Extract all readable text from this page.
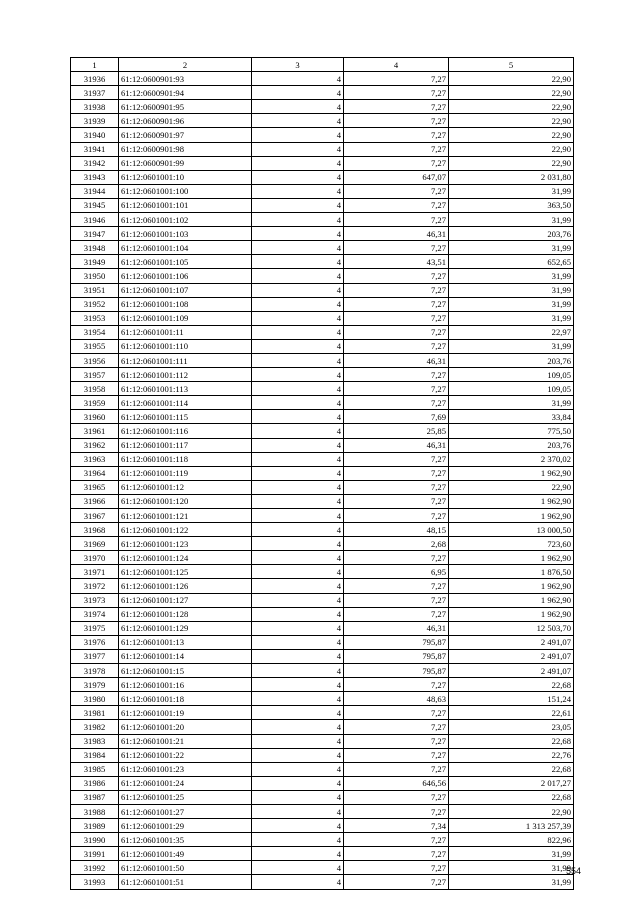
1	2	3	4	5
31936	61:12:0600901:93	4	7,27	22,90
31937	61:12:0600901:94	4	7,27	22,90
31938	61:12:0600901:95	4	7,27	22,90
31939	61:12:0600901:96	4	7,27	22,90
31940	61:12:0600901:97	4	7,27	22,90
31941	61:12:0600901:98	4	7,27	22,90
31942	61:12:0600901:99	4	7,27	22,90
31943	61:12:0601001:10	4	647,07	2 031,80
31944	61:12:0601001:100	4	7,27	31,99
31945	61:12:0601001:101	4	7,27	363,50
31946	61:12:0601001:102	4	7,27	31,99
31947	61:12:0601001:103	4	46,31	203,76
31948	61:12:0601001:104	4	7,27	31,99
31949	61:12:0601001:105	4	43,51	652,65
31950	61:12:0601001:106	4	7,27	31,99
31951	61:12:0601001:107	4	7,27	31,99
31952	61:12:0601001:108	4	7,27	31,99
31953	61:12:0601001:109	4	7,27	31,99
31954	61:12:0601001:11	4	7,27	22,97
31955	61:12:0601001:110	4	7,27	31,99
31956	61:12:0601001:111	4	46,31	203,76
31957	61:12:0601001:112	4	7,27	109,05
31958	61:12:0601001:113	4	7,27	109,05
31959	61:12:0601001:114	4	7,27	31,99
31960	61:12:0601001:115	4	7,69	33,84
31961	61:12:0601001:116	4	25,85	775,50
31962	61:12:0601001:117	4	46,31	203,76
31963	61:12:0601001:118	4	7,27	2 370,02
31964	61:12:0601001:119	4	7,27	1 962,90
31965	61:12:0601001:12	4	7,27	22,90
31966	61:12:0601001:120	4	7,27	1 962,90
31967	61:12:0601001:121	4	7,27	1 962,90
31968	61:12:0601001:122	4	48,15	13 000,50
31969	61:12:0601001:123	4	2,68	723,60
31970	61:12:0601001:124	4	7,27	1 962,90
31971	61:12:0601001:125	4	6,95	1 876,50
31972	61:12:0601001:126	4	7,27	1 962,90
31973	61:12:0601001:127	4	7,27	1 962,90
31974	61:12:0601001:128	4	7,27	1 962,90
31975	61:12:0601001:129	4	46,31	12 503,70
31976	61:12:0601001:13	4	795,87	2 491,07
31977	61:12:0601001:14	4	795,87	2 491,07
31978	61:12:0601001:15	4	795,87	2 491,07
31979	61:12:0601001:16	4	7,27	22,68
31980	61:12:0601001:18	4	48,63	151,24
31981	61:12:0601001:19	4	7,27	22,61
31982	61:12:0601001:20	4	7,27	23,05
31983	61:12:0601001:21	4	7,27	22,68
31984	61:12:0601001:22	4	7,27	22,76
31985	61:12:0601001:23	4	7,27	22,68
31986	61:12:0601001:24	4	646,56	2 017,27
31987	61:12:0601001:25	4	7,27	22,68
31988	61:12:0601001:27	4	7,27	22,90
31989	61:12:0601001:29	4	7,34	1 313 257,39
31990	61:12:0601001:35	4	7,27	822,96
31991	61:12:0601001:49	4	7,27	31,99
31992	61:12:0601001:50	4	7,27	31,99
31993	61:12:0601001:51	4	7,27	31,99
554
